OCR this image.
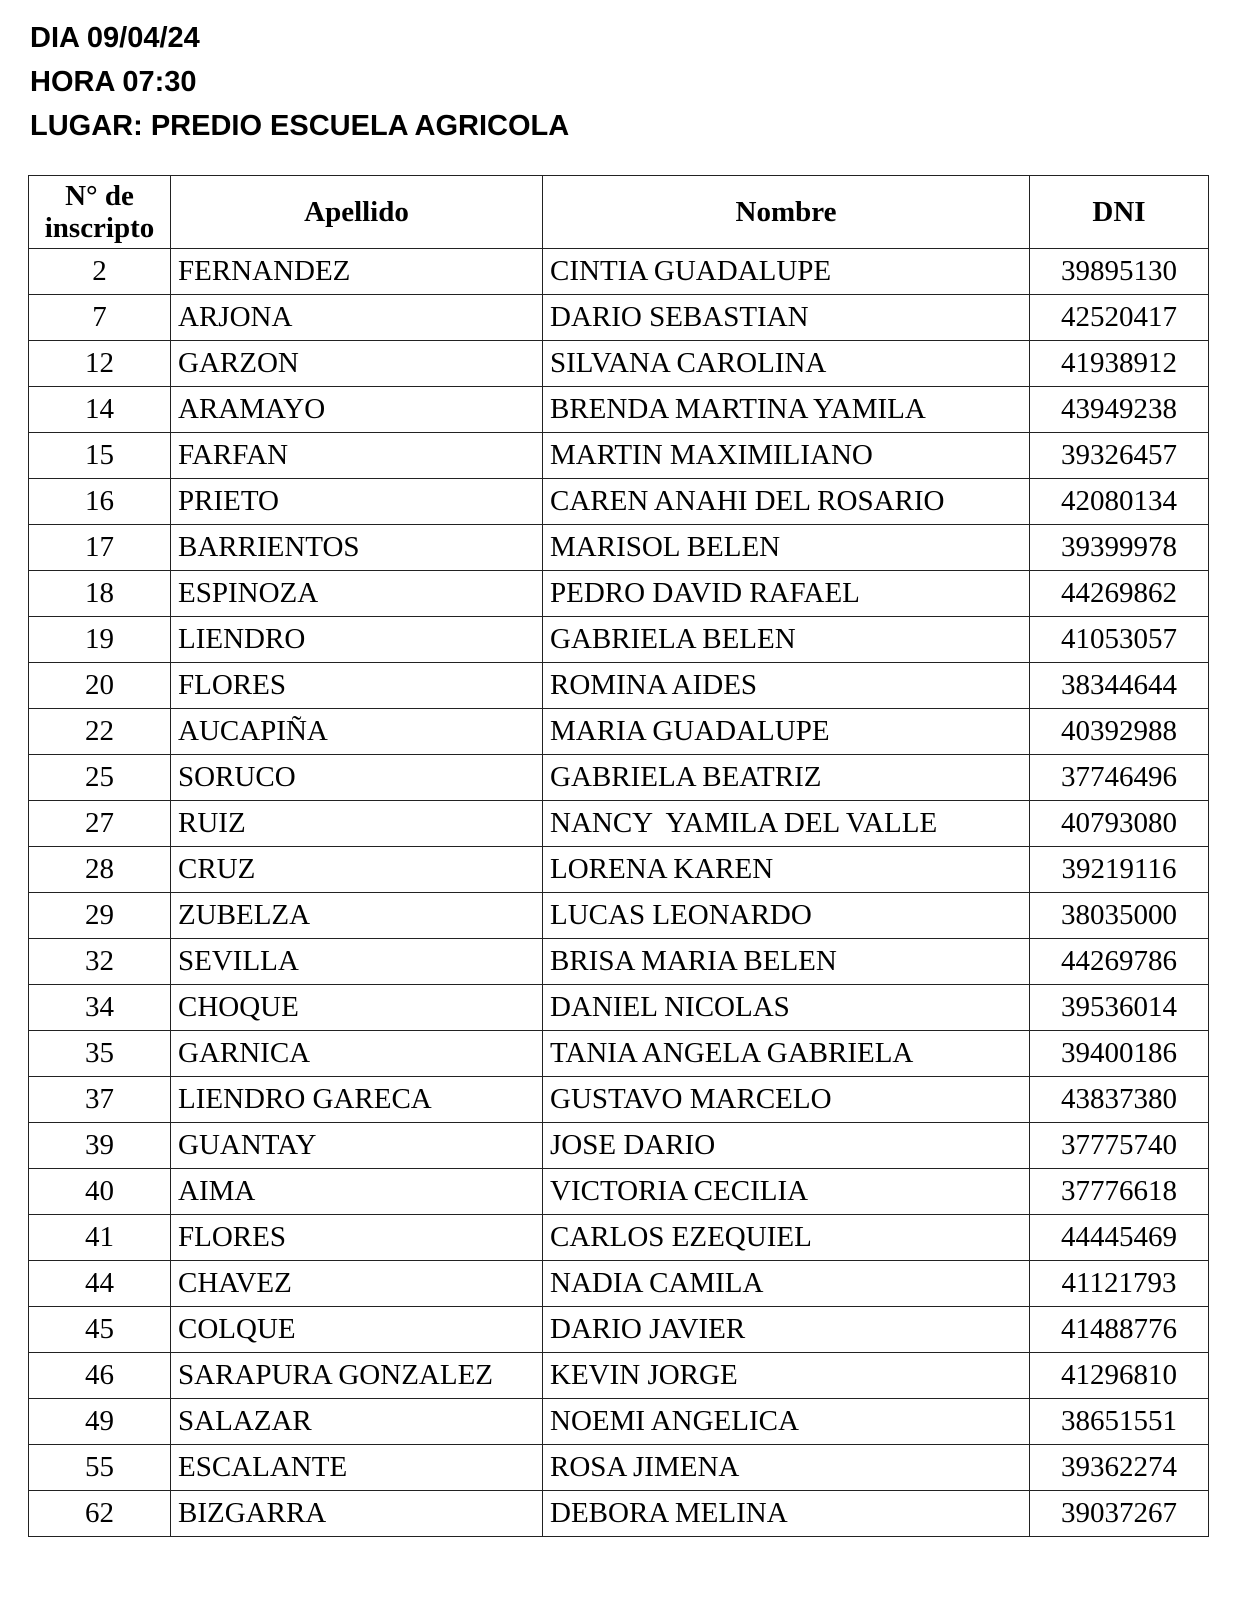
DIA 09/04/24
HORA 07:30
LUGAR: PREDIO ESCUELA AGRICOLA
N° de inscripto	Apellido	Nombre	DNI
2	FERNANDEZ	CINTIA GUADALUPE	39895130
7	ARJONA	DARIO SEBASTIAN	42520417
12	GARZON	SILVANA CAROLINA	41938912
14	ARAMAYO	BRENDA MARTINA YAMILA	43949238
15	FARFAN	MARTIN MAXIMILIANO	39326457
16	PRIETO	CAREN ANAHI DEL ROSARIO	42080134
17	BARRIENTOS	MARISOL BELEN	39399978
18	ESPINOZA	PEDRO DAVID RAFAEL	44269862
19	LIENDRO	GABRIELA BELEN	41053057
20	FLORES	ROMINA AIDES	38344644
22	AUCAPIÑA	MARIA GUADALUPE	40392988
25	SORUCO	GABRIELA BEATRIZ	37746496
27	RUIZ	NANCY  YAMILA DEL VALLE	40793080
28	CRUZ	LORENA KAREN	39219116
29	ZUBELZA	LUCAS LEONARDO	38035000
32	SEVILLA	BRISA MARIA BELEN	44269786
34	CHOQUE	DANIEL NICOLAS	39536014
35	GARNICA	TANIA ANGELA GABRIELA	39400186
37	LIENDRO GARECA	GUSTAVO MARCELO	43837380
39	GUANTAY	JOSE DARIO	37775740
40	AIMA	VICTORIA CECILIA	37776618
41	FLORES	CARLOS EZEQUIEL	44445469
44	CHAVEZ	NADIA CAMILA	41121793
45	COLQUE	DARIO JAVIER	41488776
46	SARAPURA GONZALEZ	KEVIN JORGE	41296810
49	SALAZAR	NOEMI ANGELICA	38651551
55	ESCALANTE	ROSA JIMENA	39362274
62	BIZGARRA	DEBORA MELINA	39037267
